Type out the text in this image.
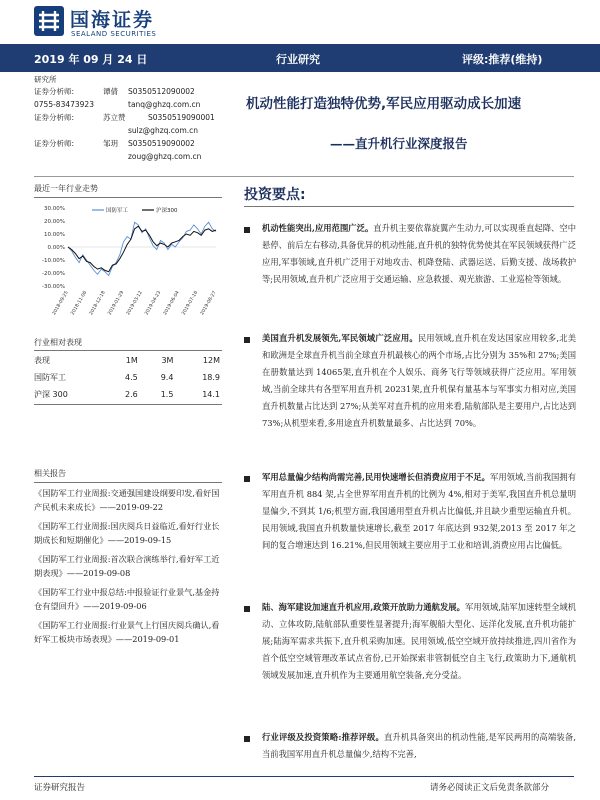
国海证券
SEALAND SECURITIES
2019 年 09 月 24 日	行业研究	评级:推荐(维持)
研究所
证券分析师:	谭倩 S0350512090002
0755-83473923	tanq@ghzq.com.cn
证券分析师:	苏立赞	S0350519090001
sulz@ghzq.com.cn
证券分析师:	邹玥 S0350519090002
zoug@ghzq.com.cn
机动性能打造独特优势,军民应用驱动成长加速
——直升机行业深度报告
最近一年行业走势
30.00%
20.00%
10.00%
0.00%
-10.00%
-20.00%
-30.00%
2018-09-25 2018-11-06 2018-12-18 2019-01-29 2019-03-12 2019-04-23 2019-06-04 2019-07-16 2019-08-27
国防军工	沪深300
行业相对表现
表现	1M	3M	12M
国防军工	4.5	9.4	18.9
沪深 300	2.6	1.5	14.1
相关报告
《国防军工行业周报:交通强国建设纲要印发,看好国产民机未来成长》——2019-09-22
《国防军工行业周报:国庆阅兵日益临近,看好行业长期成长和短期催化》——2019-09-15
《国防军工行业周报:首次联合演练举行,看好军工近期表现》——2019-09-08
《国防军工行业中报总结:中报验证行业景气,基金持仓有望回升》——2019-09-06
《国防军工行业周报:行业景气上行国庆阅兵确认,看好军工板块市场表现》——2019-09-01
投资要点:
机动性能突出,应用范围广泛。直升机主要依靠旋翼产生动力,可以实现垂直起降、空中悬停、前后左右移动,具备优异的机动性能,直升机的独特优势使其在军民领域获得广泛应用,军事领域,直升机广泛用于对地攻击、机降登陆、武器运送、后勤支援、战场救护等;民用领域,直升机广泛应用于交通运输、应急救援、观光旅游、工业巡检等领域。
美国直升机发展领先,军民领域广泛应用。民用领域,直升机在发达国家应用较多,北美和欧洲是全球直升机当前全球直升机最核心的两个市场,占比分别为 35%和 27%;美国在册数量达到 14065架,直升机在个人娱乐、商务飞行等领域获得广泛应用。军用领域,当前全球共有各型军用直升机 20231架,直升机保有量基本与军事实力相对应,美国直升机数量占比达到 27%;从美军对直升机的应用来看,陆航部队是主要用户,占比达到 73%;从机型来看,多用途直升机数量最多、占比达到 70%。
军用总量偏少结构尚需完善,民用快速增长但消费应用于不足。军用领域,当前我国拥有军用直升机 884 架,占全世界军用直升机的比例为 4%,相对于美军,我国直升机总量明显偏少,不到其 1/6;机型方面,我国通用型直升机占比偏低,并且缺少重型运输直升机。民用领域,我国直升机数量快速增长,截至 2017 年底达到 932架,2013 至 2017 年之间的复合增速达到 16.21%,但民用领域主要应用于工业和培训,消费应用占比偏低。
陆、海军建设加速直升机应用,政策开放助力通航发展。军用领域,陆军加速转型全域机动、立体攻防,陆航部队重要性显著提升;海军舰船大型化、远洋化发展,直升机功能扩展;陆海军需求共振下,直升机采购加速。民用领域,低空空域开放持续推进,四川省作为首个低空空域管理改革试点省份,已开始探索非管制低空自主飞行,政策助力下,通航机领域发展加速,直升机作为主要通用航空装备,充分受益。
行业评级及投资策略:推荐评级。直升机具备突出的机动性能,是军民两用的高端装备,当前我国军用直升机总量偏少,结构不完善,
证券研究报告	请务必阅读正文后免责条款部分
